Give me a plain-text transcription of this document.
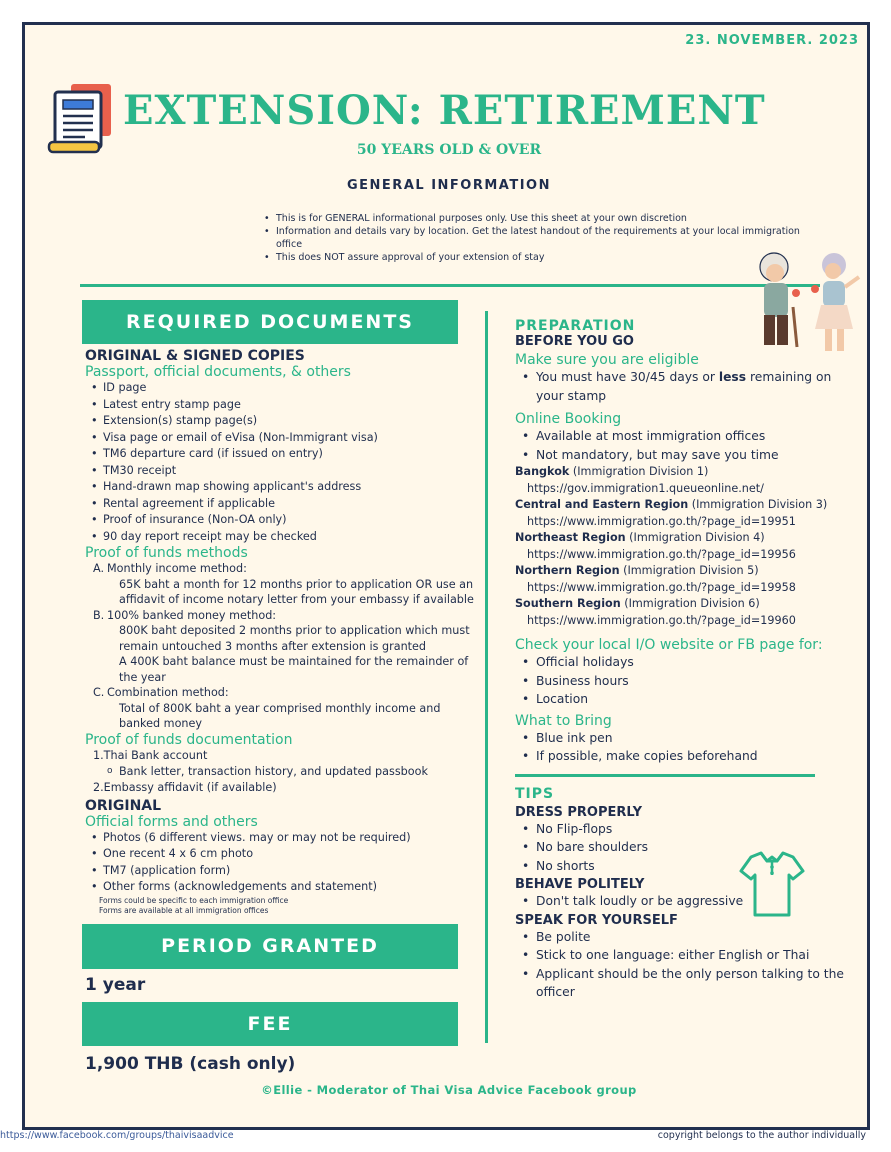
23. NOVEMBER. 2023
EXTENSION: RETIREMENT
50 YEARS OLD & OVER
GENERAL INFORMATION
• This is for GENERAL informational purposes only. Use this sheet at your own discretion
• Information and details vary by location. Get the latest handout of the requirements at your local immigration office
• This does NOT assure approval of your extension of stay
REQUIRED DOCUMENTS
ORIGINAL & SIGNED COPIES
Passport, official documents, & others
• ID page
• Latest entry stamp page
• Extension(s) stamp page(s)
• Visa page or email of eVisa (Non-Immigrant visa)
• TM6 departure card (if issued on entry)
• TM30 receipt
• Hand-drawn map showing applicant's address
• Rental agreement if applicable
• Proof of insurance (Non-OA only)
• 90 day report receipt may be checked
Proof of funds methods
A. Monthly income method:
65K baht a month for 12 months prior to application OR use an affidavit of income notary letter from your embassy if available
B. 100% banked money method:
800K baht deposited 2 months prior to application which must remain untouched 3 months after extension is granted
A 400K baht balance must be maintained for the remainder of the year
C. Combination method:
Total of 800K baht a year comprised monthly income and banked money
Proof of funds documentation
1.Thai Bank account
o Bank letter, transaction history, and updated passbook
2.Embassy affidavit (if available)
ORIGINAL
Official forms and others
• Photos (6 different views. may or may not be required)
• One recent 4 x 6 cm photo
• TM7 (application form)
• Other forms (acknowledgements and statement)
Forms could be specific to each immigration office
Forms are available at all immigration offices
PERIOD GRANTED
1 year
FEE
1,900 THB (cash only)
PREPARATION
BEFORE YOU GO
Make sure you are eligible
• You must have 30/45 days or less remaining on your stamp
Online Booking
• Available at most immigration offices
• Not mandatory, but may save you time
Bangkok (Immigration Division 1)
https://gov.immigration1.queueonline.net/
Central and Eastern Region (Immigration Division 3)
https://www.immigration.go.th/?page_id=19951
Northeast Region (Immigration Division 4)
https://www.immigration.go.th/?page_id=19956
Northern Region (Immigration Division 5)
https://www.immigration.go.th/?page_id=19958
Southern Region (Immigration Division 6)
https://www.immigration.go.th/?page_id=19960
Check your local I/O website or FB page for:
• Official holidays
• Business hours
• Location
What to Bring
• Blue ink pen
• If possible, make copies beforehand
TIPS
DRESS PROPERLY
• No Flip-flops
• No bare shoulders
• No shorts
BEHAVE POLITELY
• Don't talk loudly or be aggressive
SPEAK FOR YOURSELF
• Be polite
• Stick to one language: either English or Thai
• Applicant should be the only person talking to the officer
©Ellie - Moderator of Thai Visa Advice Facebook group
https://www.facebook.com/groups/thaivisaadvice	copyright belongs to the author individually
